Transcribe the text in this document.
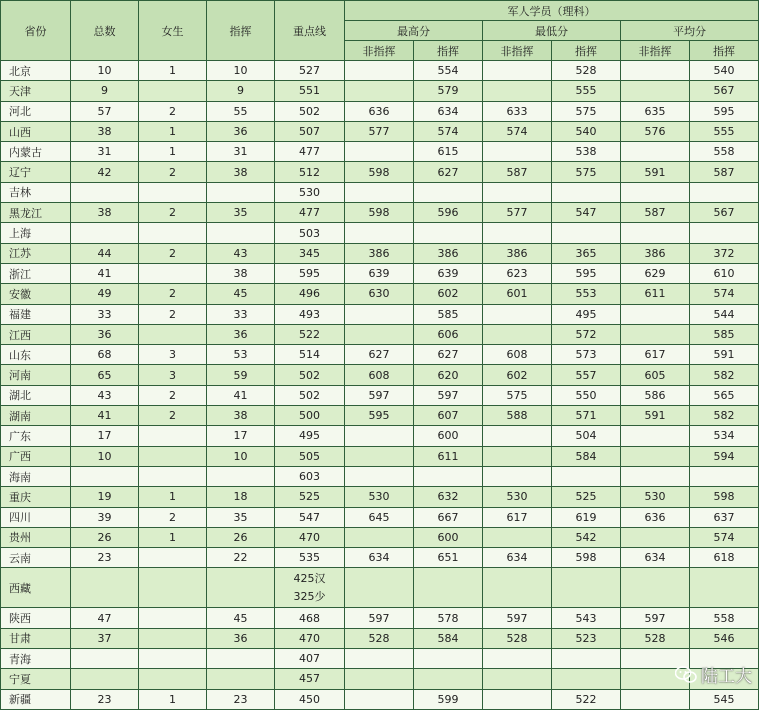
省份	总数	女生	指挥	重点线	军人学员（理科）					
					最高分		最低分		平均分	
					非指挥	指挥	非指挥	指挥	非指挥	指挥
北京	10	1	10	527		554		528		540
天津	9		9	551		579		555		567
河北	57	2	55	502	636	634	633	575	635	595
山西	38	1	36	507	577	574	574	540	576	555
内蒙古	31	1	31	477		615		538		558
辽宁	42	2	38	512	598	627	587	575	591	587
吉林				530						
黑龙江	38	2	35	477	598	596	577	547	587	567
上海				503						
江苏	44	2	43	345	386	386	386	365	386	372
浙江	41		38	595	639	639	623	595	629	610
安徽	49	2	45	496	630	602	601	553	611	574
福建	33	2	33	493		585		495		544
江西	36		36	522		606		572		585
山东	68	3	53	514	627	627	608	573	617	591
河南	65	3	59	502	608	620	602	557	605	582
湖北	43	2	41	502	597	597	575	550	586	565
湖南	41	2	38	500	595	607	588	571	591	582
广东	17		17	495		600		504		534
广西	10		10	505		611		584		594
海南				603						
重庆	19	1	18	525	530	632	530	525	530	598
四川	39	2	35	547	645	667	617	619	636	637
贵州	26	1	26	470		600		542		574
云南	23		22	535	634	651	634	598	634	618
西藏				425汉
325少						

陕西	47		45	468	597	578	597	543	597	558
甘肃	37		36	470	528	584	528	523	528	546
青海				407						
宁夏				457						
新疆	23	1	23	450		599		522		545
陆工大
